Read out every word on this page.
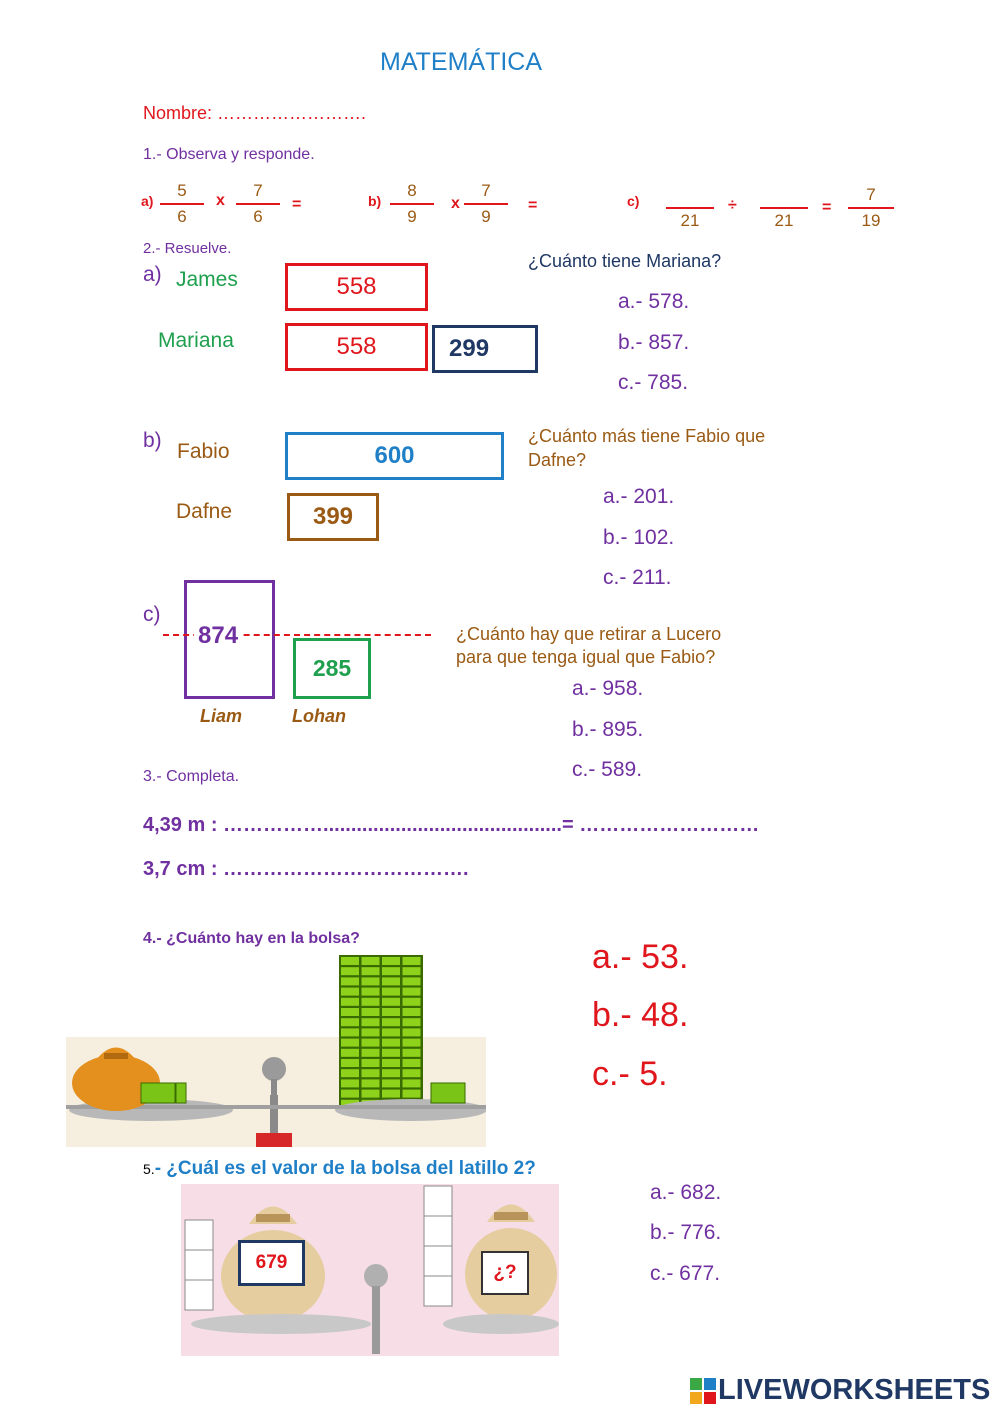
MATEMÁTICA
Nombre: …………………….
1.- Observa y responde.
a)
5
6
x
7
6
=	b)
8
9
x
7
9
=	c)
21
÷
21
=
7
19
2.- Resuelve.
a) James	558
Mariana	558	299
¿Cuánto tiene Mariana?
a.- 578.
b.- 857.
c.- 785.
b) Fabio	600
Dafne	399
¿Cuánto más tiene Fabio que
Dafne?
a.- 201.
b.- 102.
c.- 211.
c)
874
285
Liam	Lohan
¿Cuánto hay que retirar a Lucero
para que tenga igual que Fabio?
a.- 958.
b.- 895.
c.- 589.
3.- Completa.
4,39 m : ……………...........................................= ………………………
3,7 cm : ……………………………….
4.- ¿Cuánto hay en la bolsa?	a.- 53.
b.- 48.
c.- 5.
5.- ¿Cuál es el valor de la bolsa del latillo 2?
679	¿?
a.- 682.
b.- 776.
c.- 677.
LIVEWORKSHEETS
